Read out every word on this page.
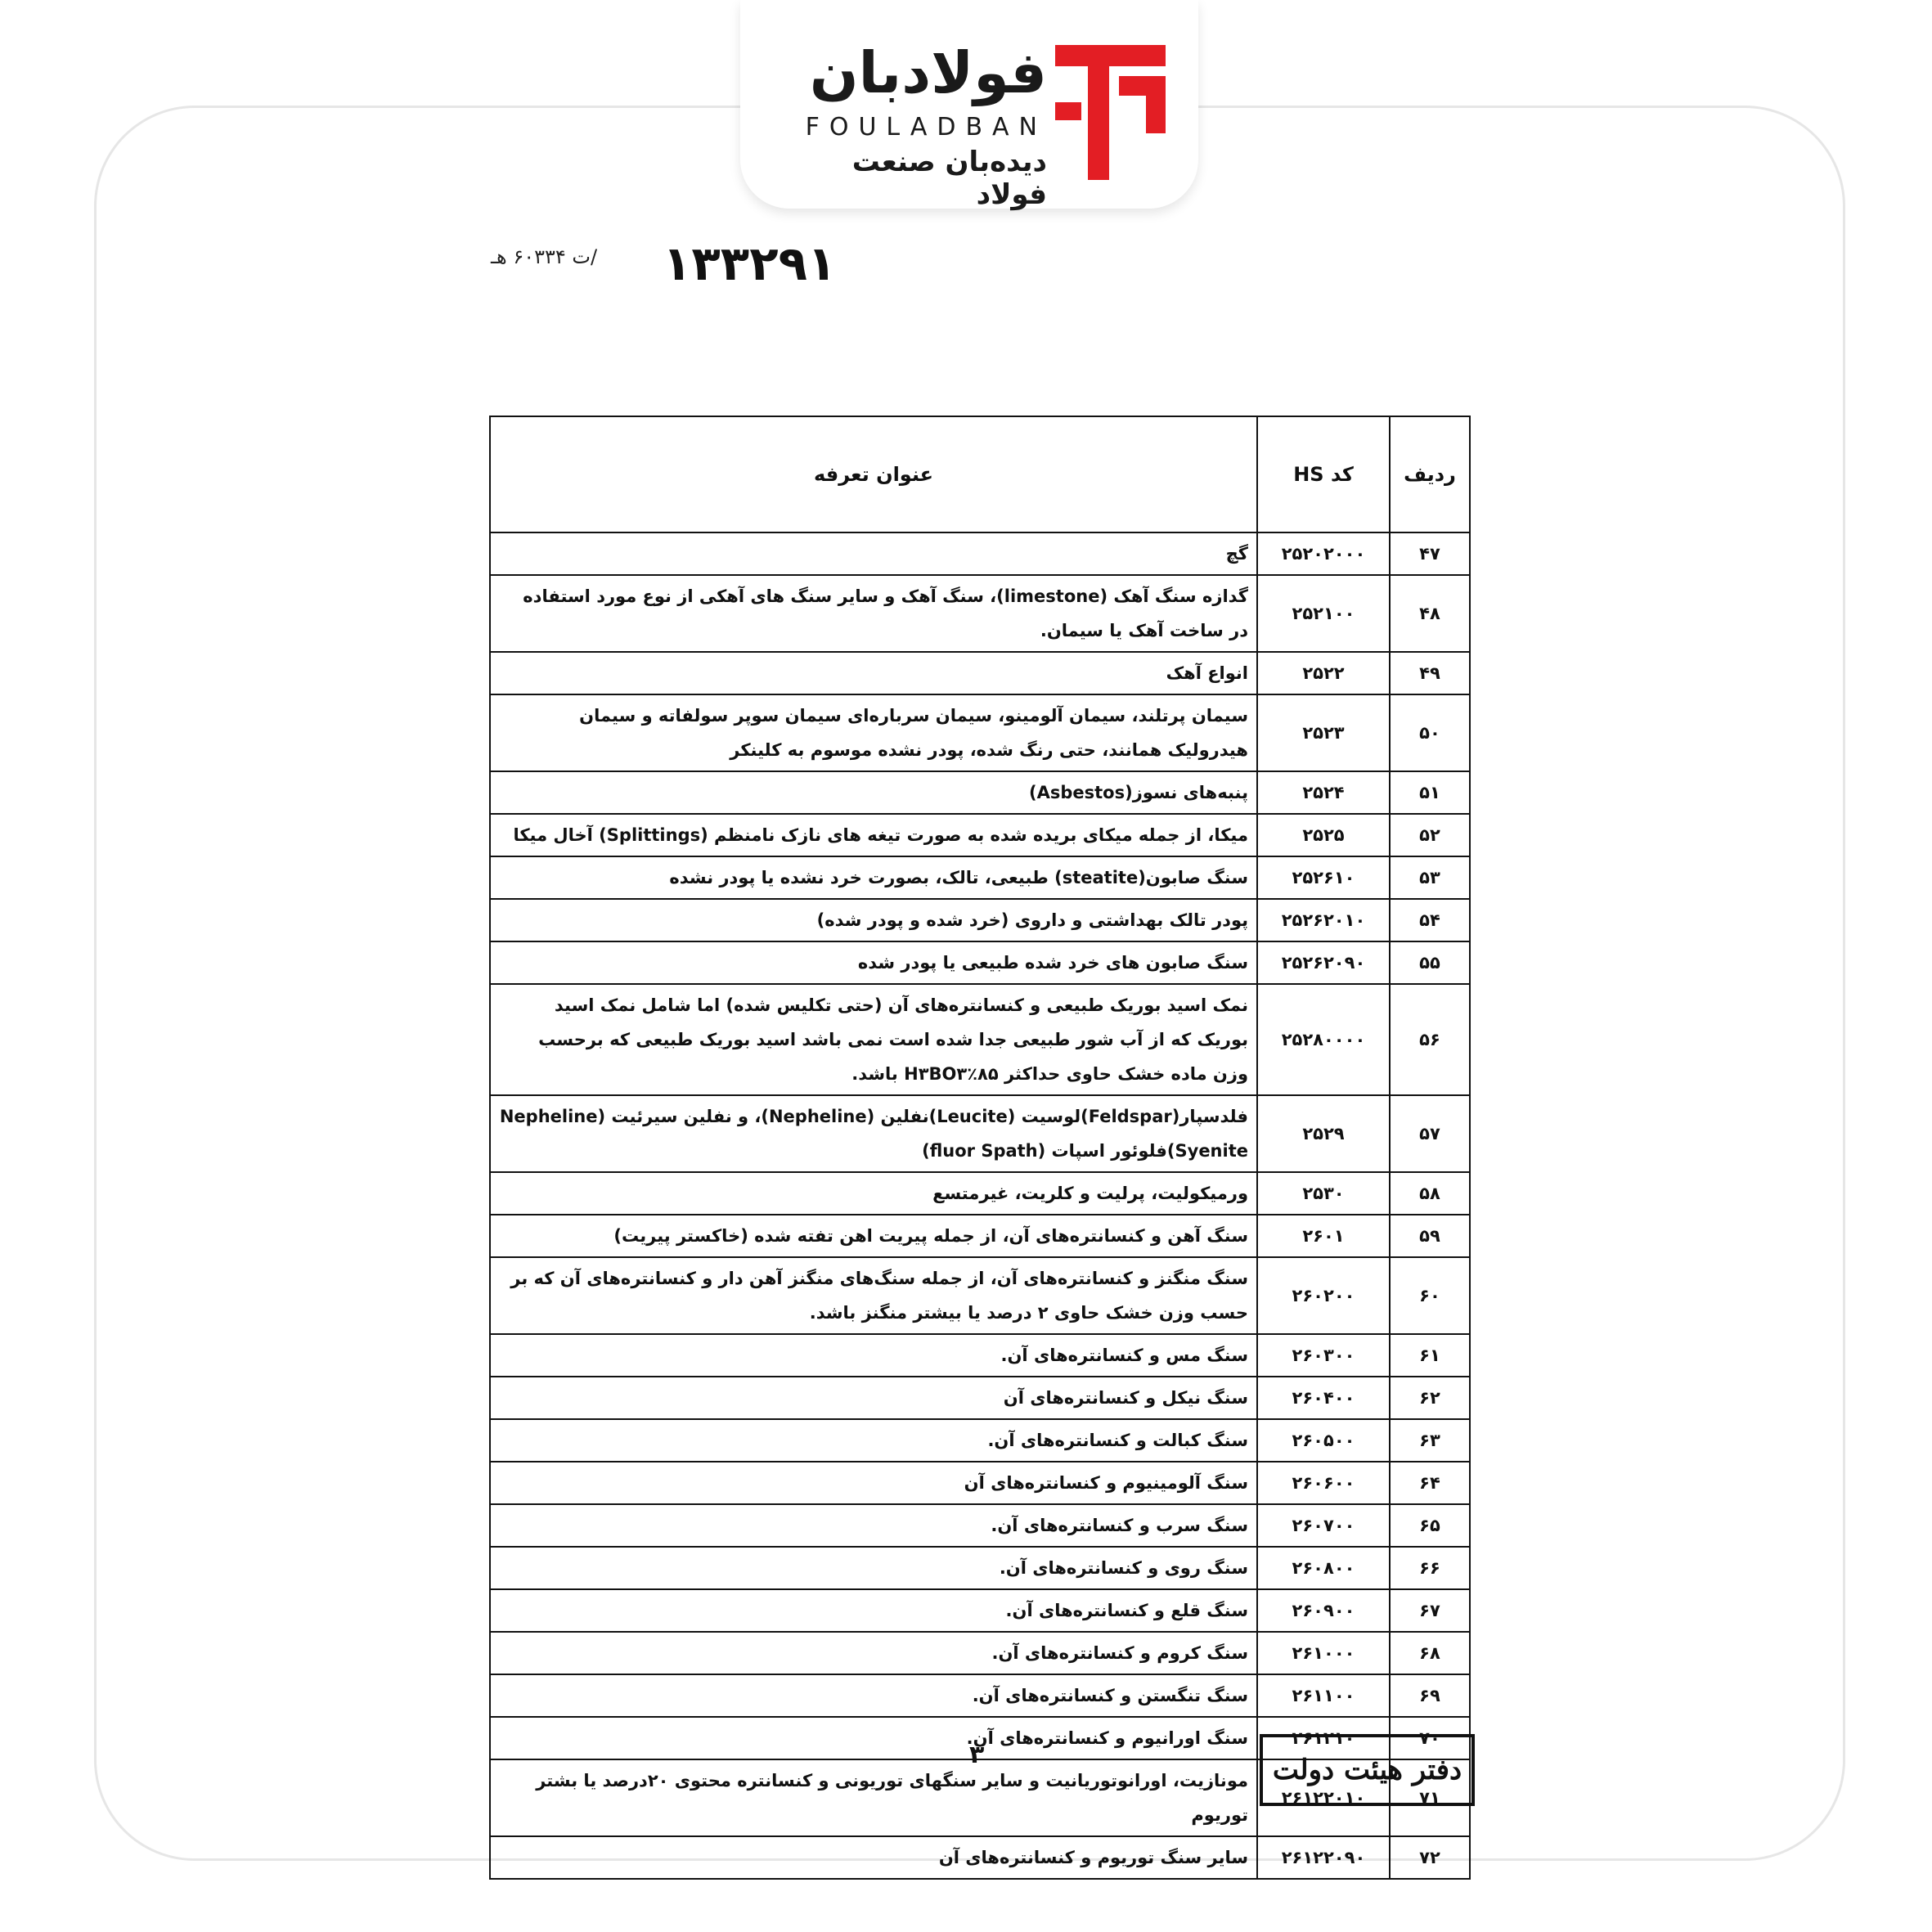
فولادبان
FOULADBAN
دیده‌بان صنعت فولاد
۱۳۳۲۹۱
/ت ۶۰۳۳۴ هـ
ردیف	کد HS	عنوان تعرفه
۴۷	۲۵۲۰۲۰۰۰	گچ
۴۸	۲۵۲۱۰۰	گدازه سنگ آهک (limestone)، سنگ آهک و سایر سنگ های آهکی از نوع مورد استفاده در ساخت آهک یا سیمان.
۴۹	۲۵۲۲	انواع آهک
۵۰	۲۵۲۳	سیمان پرتلند، سیمان آلومینو، سیمان سرباره‌ای سیمان سوپر سولفاته و سیمان هیدرولیک همانند، حتی رنگ شده، پودر نشده موسوم به کلینکر
۵۱	۲۵۲۴	پنبه‌های نسوز(Asbestos)
۵۲	۲۵۲۵	میکا، از جمله میکای بریده شده به صورت تیغه های نازک نامنظم (Splittings) آخال میکا
۵۳	۲۵۲۶۱۰	سنگ صابون(steatite) طبیعی، تالک، بصورت خرد نشده یا پودر نشده
۵۴	۲۵۲۶۲۰۱۰	پودر تالک بهداشتی و داروی (خرد شده و پودر شده)
۵۵	۲۵۲۶۲۰۹۰	سنگ صابون های خرد شده طبیعی یا پودر شده
۵۶	۲۵۲۸۰۰۰۰	نمک اسید بوریک طبیعی و کنسانتره‌های آن (حتی تکلیس شده) اما شامل نمک اسید بوریک که از آب شور طبیعی جدا شده است نمی باشد اسید بوریک طبیعی که برحسب وزن ماده خشک حاوی حداکثر ۸۵٪H۳BO۳ باشد.
۵۷	۲۵۲۹	فلدسپار(Feldspar)لوسیت (Leucite)نفلین (Nepheline)، و نفلین سیرئیت (Nepheline Syenite)فلوئور اسپات (fluor Spath)
۵۸	۲۵۳۰	ورمیکولیت، پرلیت و کلریت، غیرمتسع
۵۹	۲۶۰۱	سنگ آهن و کنسانتره‌های آن، از جمله پیریت اهن تفته شده (خاکستر پیریت)
۶۰	۲۶۰۲۰۰	سنگ منگنز و کنسانتره‌های آن، از جمله سنگ‌های منگنز آهن دار و کنسانتره‌های آن که بر حسب وزن خشک حاوی ۲ درصد یا بیشتر منگنز باشد.
۶۱	۲۶۰۳۰۰	سنگ مس و کنسانتره‌های آن.
۶۲	۲۶۰۴۰۰	سنگ نیکل و کنسانتره‌های آن
۶۳	۲۶۰۵۰۰	سنگ کبالت و کنسانتره‌های آن.
۶۴	۲۶۰۶۰۰	سنگ آلومینیوم و کنسانتره‌های آن
۶۵	۲۶۰۷۰۰	سنگ سرب و کنسانتره‌های آن.
۶۶	۲۶۰۸۰۰	سنگ روی و کنسانتره‌های آن.
۶۷	۲۶۰۹۰۰	سنگ قلع و کنسانتره‌های آن.
۶۸	۲۶۱۰۰۰	سنگ کروم و کنسانتره‌های آن.
۶۹	۲۶۱۱۰۰	سنگ تنگستن و کنسانتره‌های آن.
۷۰	۲۶۱۲۱۰	سنگ اورانیوم و کنسانتره‌های آن.
۷۱	۲۶۱۲۲۰۱۰	مونازیت، اورانوتوریانیت و سایر سنگهای توریونی و کنسانتره محتوی ۲۰درصد یا بشتر توریوم
۷۲	۲۶۱۲۲۰۹۰	سایر سنگ توریوم و کنسانتره‌های آن
۳	دفتر هیئت دولت
